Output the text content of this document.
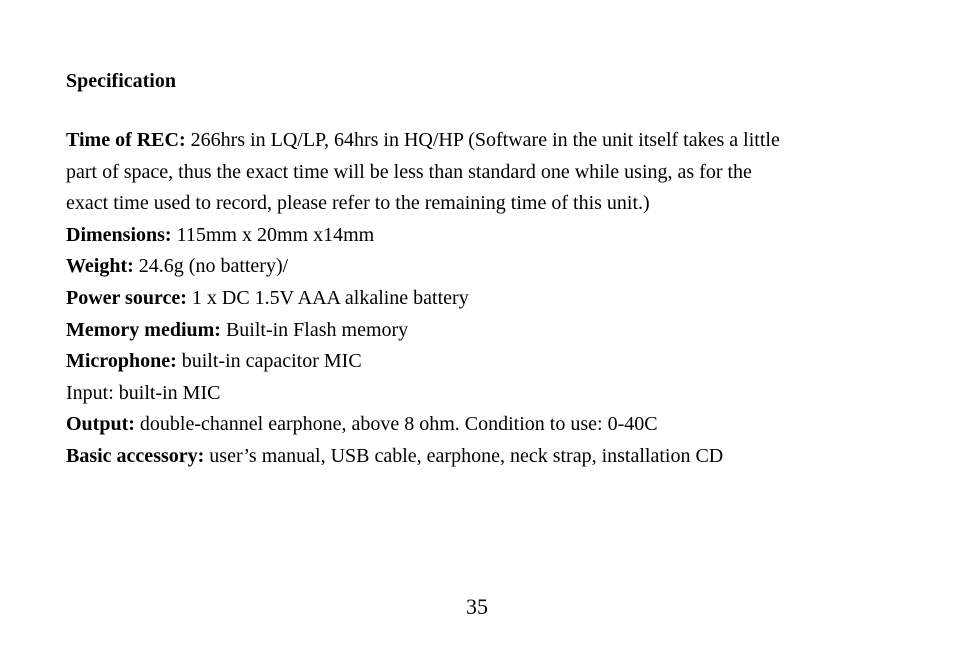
Specification

Time of REC: 266hrs in LQ/LP, 64hrs in HQ/HP (Software in the unit itself takes a little

part of space, thus the exact time will be less than standard one while using, as for the

exact time used to record, please refer to the remaining time of this unit.)

Dimensions: 115mm x 20mm x14mm

Weight: 24.6g (no battery)/

Power source: 1 x DC 1.5V AAA alkaline battery

Memory medium: Built-in Flash memory

Microphone: built-in capacitor MIC

Input: built-in MIC

Output: double-channel earphone, above 8 ohm. Condition to use: 0-40C

Basic accessory: user’s manual, USB cable, earphone, neck strap, installation CD

35
